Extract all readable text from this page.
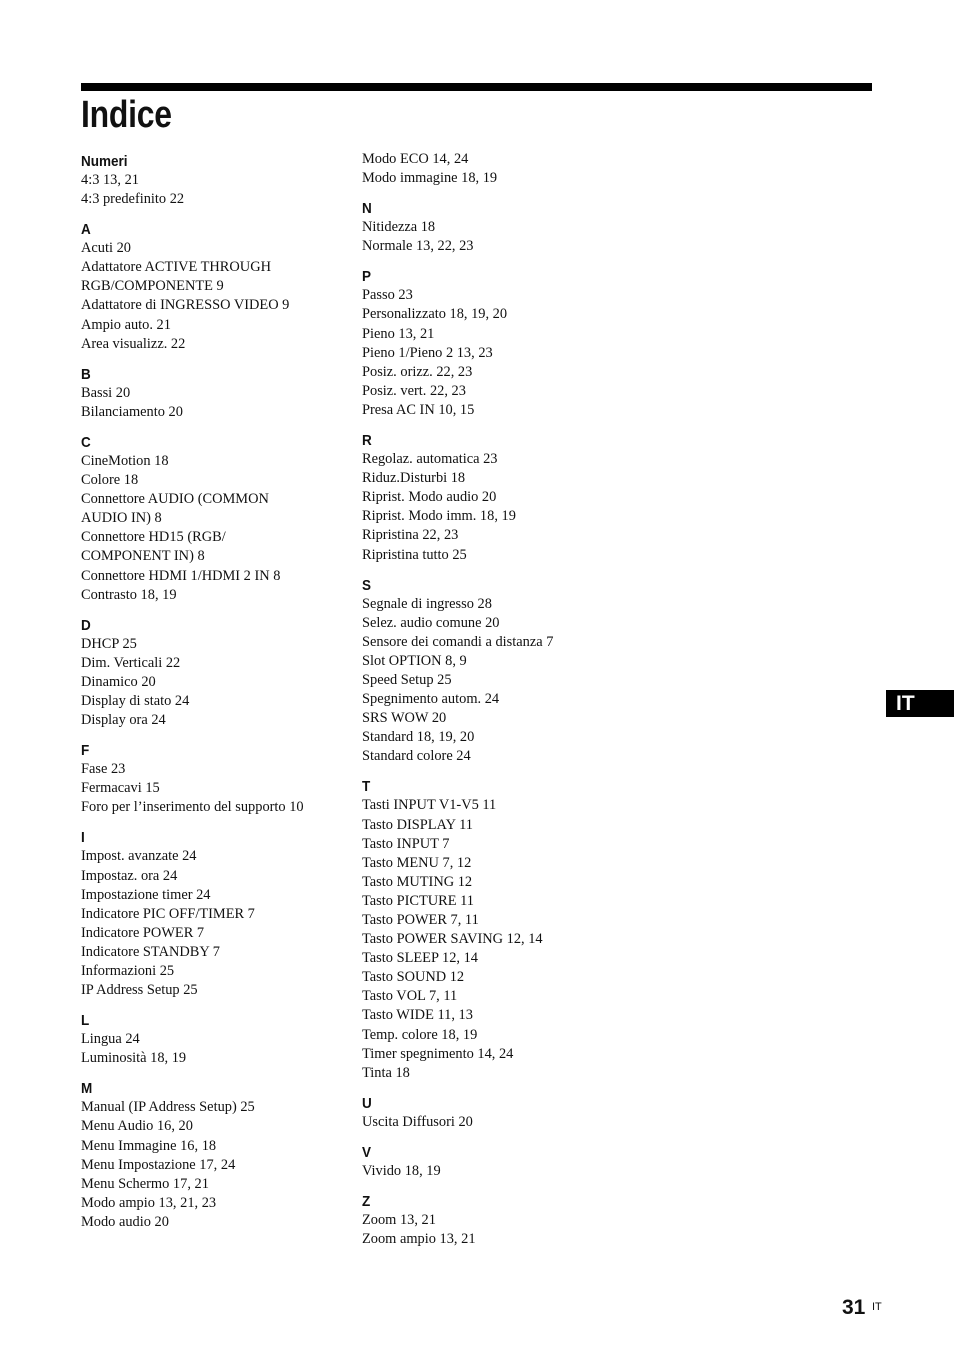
Indice
Numeri
4:3 13, 21
4:3 predefinito 22
A
Acuti 20
Adattatore ACTIVE THROUGH RGB/COMPONENTE 9
Adattatore di INGRESSO VIDEO 9
Ampio auto. 21
Area visualizz. 22
B
Bassi 20
Bilanciamento 20
C
CineMotion 18
Colore 18
Connettore AUDIO (COMMON AUDIO IN) 8
Connettore HD15 (RGB/ COMPONENT IN) 8
Connettore HDMI 1/HDMI 2 IN 8
Contrasto 18, 19
D
DHCP 25
Dim. Verticali 22
Dinamico 20
Display di stato 24
Display ora 24
F
Fase 23
Fermacavi 15
Foro per l’inserimento del supporto 10
I
Impost. avanzate 24
Impostaz. ora 24
Impostazione timer 24
Indicatore PIC OFF/TIMER 7
Indicatore POWER 7
Indicatore STANDBY 7
Informazioni 25
IP Address Setup 25
L
Lingua 24
Luminosità 18, 19
M
Manual (IP Address Setup) 25
Menu Audio 16, 20
Menu Immagine 16, 18
Menu Impostazione 17, 24
Menu Schermo 17, 21
Modo ampio 13, 21, 23
Modo audio 20
Modo ECO 14, 24
Modo immagine 18, 19
N
Nitidezza 18
Normale 13, 22, 23
P
Passo 23
Personalizzato 18, 19, 20
Pieno 13, 21
Pieno 1/Pieno 2 13, 23
Posiz. orizz. 22, 23
Posiz. vert. 22, 23
Presa AC IN 10, 15
R
Regolaz. automatica 23
Riduz.Disturbi 18
Riprist. Modo audio 20
Riprist. Modo imm. 18, 19
Ripristina 22, 23
Ripristina tutto 25
S
Segnale di ingresso 28
Selez. audio comune 20
Sensore dei comandi a distanza 7
Slot OPTION 8, 9
Speed Setup 25
Spegnimento autom. 24
SRS WOW 20
Standard 18, 19, 20
Standard colore 24
T
Tasti INPUT V1-V5 11
Tasto DISPLAY 11
Tasto INPUT 7
Tasto MENU 7, 12
Tasto MUTING 12
Tasto PICTURE 11
Tasto POWER 7, 11
Tasto POWER SAVING 12, 14
Tasto SLEEP 12, 14
Tasto SOUND 12
Tasto VOL 7, 11
Tasto WIDE 11, 13
Temp. colore 18, 19
Timer spegnimento 14, 24
Tinta 18
U
Uscita Diffusori 20
V
Vivido 18, 19
Z
Zoom 13, 21
Zoom ampio 13, 21
IT
31 IT
